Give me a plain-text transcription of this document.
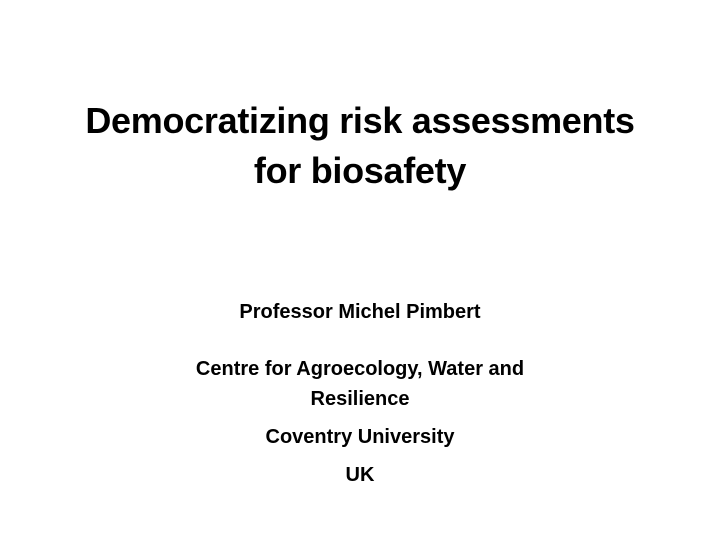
Democratizing risk assessments
for biosafety
Professor Michel Pimbert
Centre for Agroecology, Water and
Resilience
Coventry University
UK
